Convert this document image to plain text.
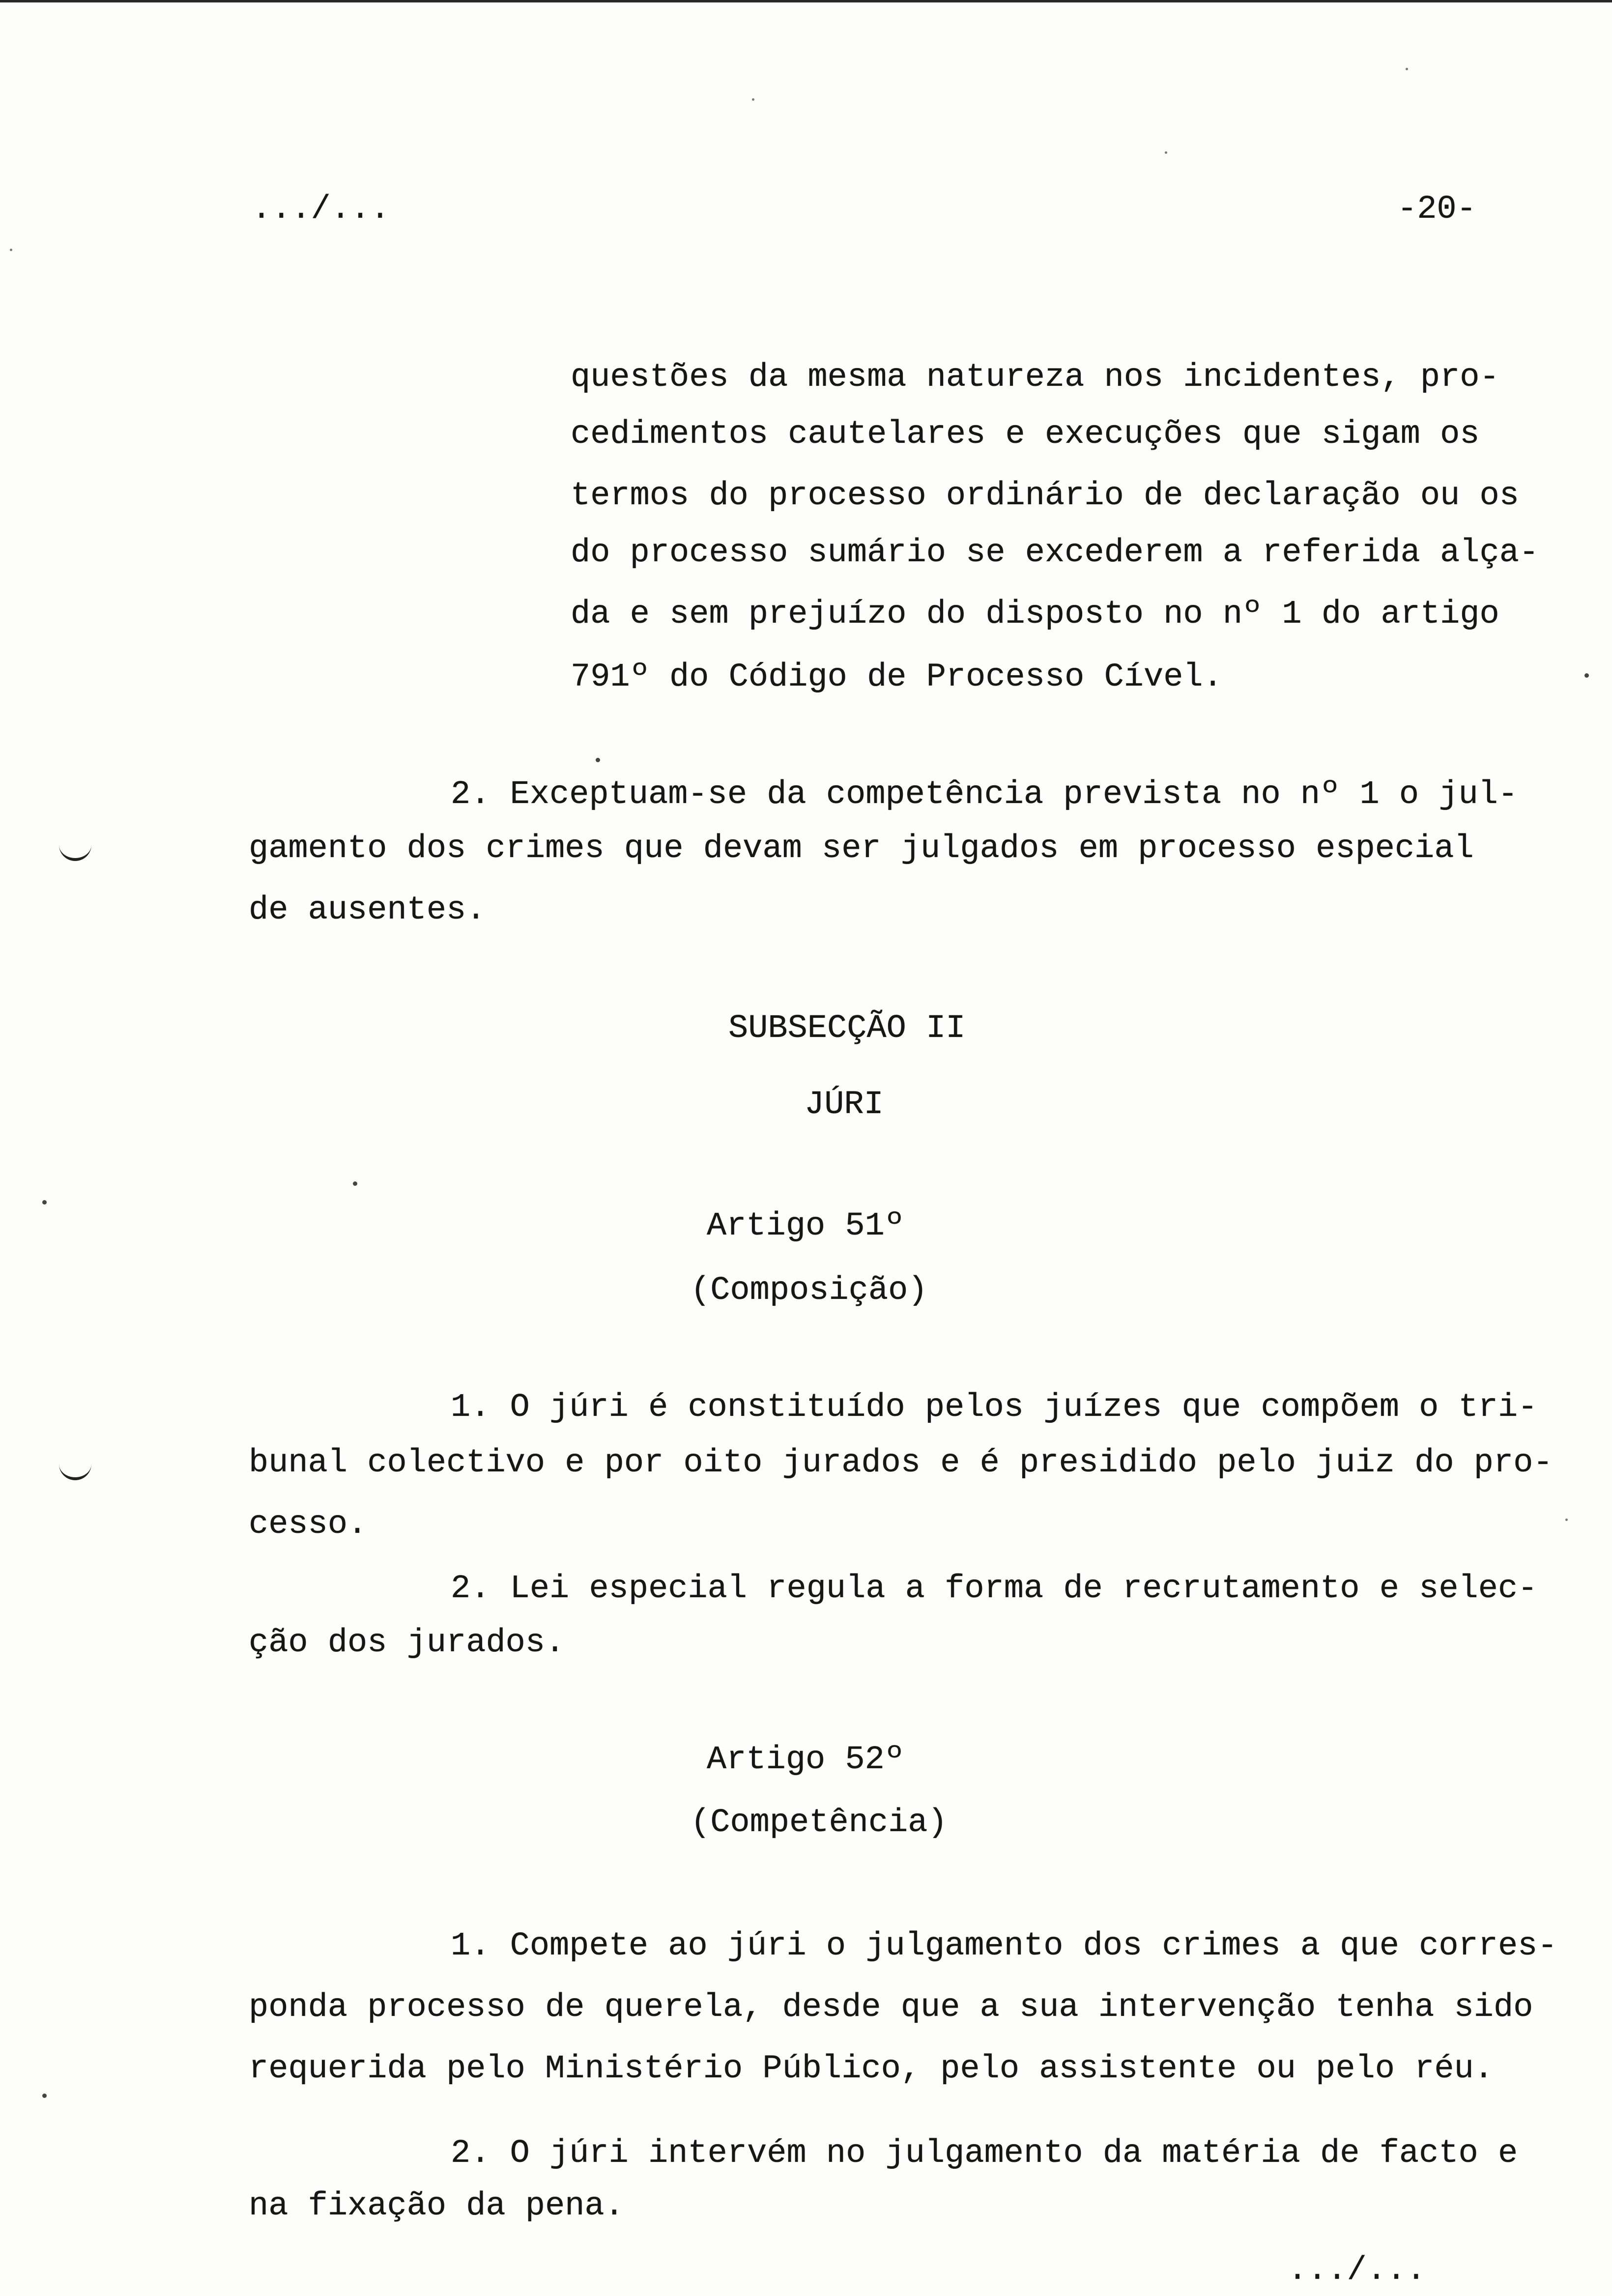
.../...	-20-
questões da mesma natureza nos incidentes, pro-
cedimentos cautelares e execuções que sigam os
termos do processo ordinário de declaração ou os
do processo sumário se excederem a referida alça-
da e sem prejuízo do disposto no nº 1 do artigo
791º do Código de Processo Cível.
2. Exceptuam-se da competência prevista no nº 1 o jul-
gamento dos crimes que devam ser julgados em processo especial
de ausentes.
SUBSECÇÃO II
JÚRI
Artigo 51º
(Composição)
1. O júri é constituído pelos juízes que compõem o tri-
bunal colectivo e por oito jurados e é presidido pelo juiz do pro-
cesso.
2. Lei especial regula a forma de recrutamento e selec-
ção dos jurados.
Artigo 52º
(Competência)
1. Compete ao júri o julgamento dos crimes a que corres-
ponda processo de querela, desde que a sua intervenção tenha sido
requerida pelo Ministério Público, pelo assistente ou pelo réu.
2. O júri intervém no julgamento da matéria de facto e
na fixação da pena.
.../...
